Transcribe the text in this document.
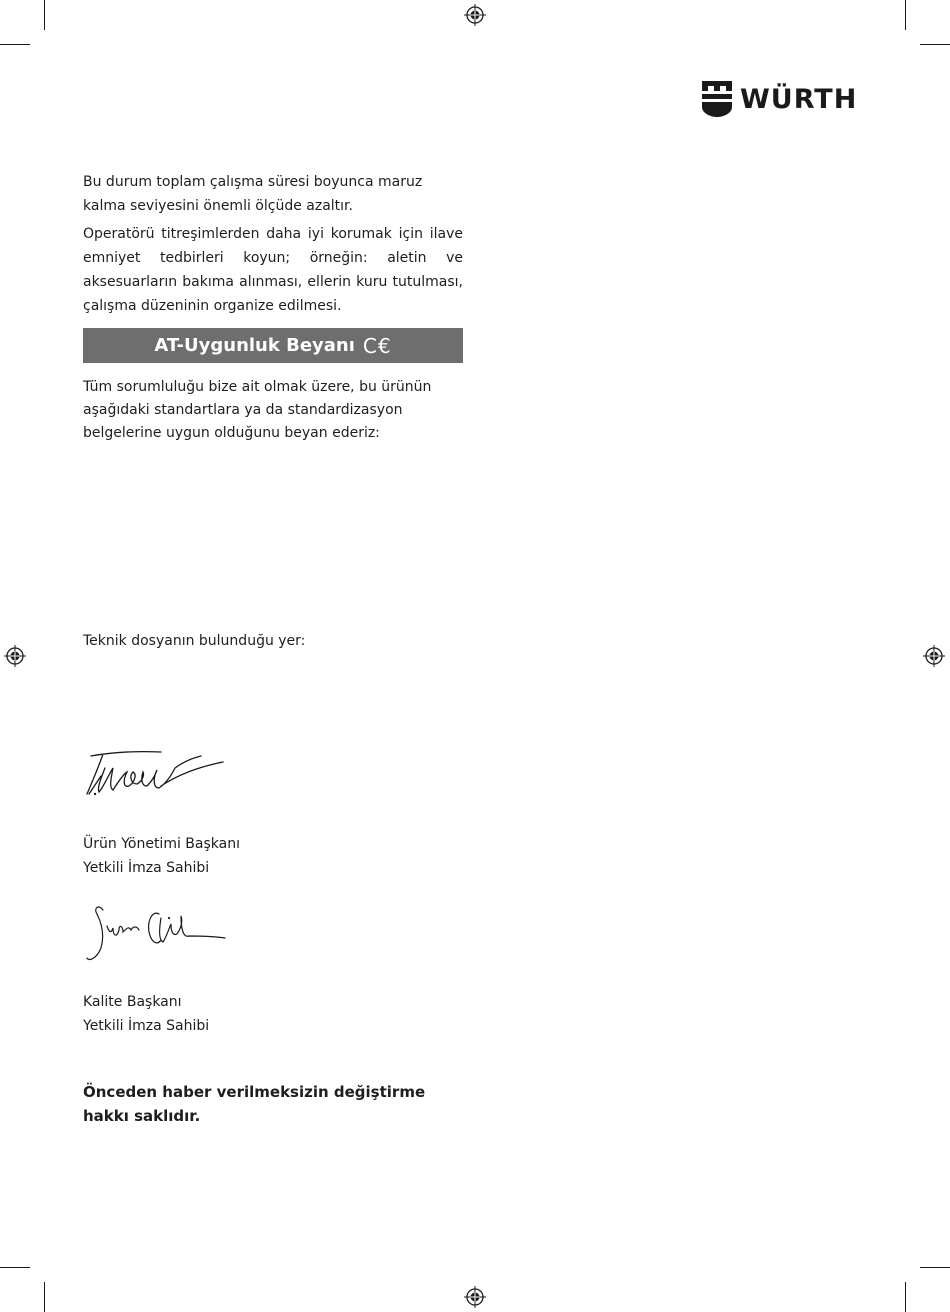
WÜRTH

Bu durum toplam çalışma süresi boyunca maruz kalma seviyesini önemli ölçüde azaltır.

Operatörü titreşimlerden daha iyi korumak için ilave emniyet tedbirleri koyun; örneğin: aletin ve aksesuarların bakıma alınması, ellerin kuru tutulması, çalışma düzeninin organize edilmesi.

AT-Uygunluk Beyanı C€
Tüm sorumluluğu bize ait olmak üzere, bu ürünün aşağıdaki standartlara ya da standardizasyon belgelerine uygun olduğunu beyan ederiz:
Teknik dosyanın bulunduğu yer:

Ürün Yönetimi Başkanı

Yetkili İmza Sahibi

Kalite Başkanı

Yetkili İmza Sahibi

Önceden haber verilmeksizin değiştirme

hakkı saklıdır.
